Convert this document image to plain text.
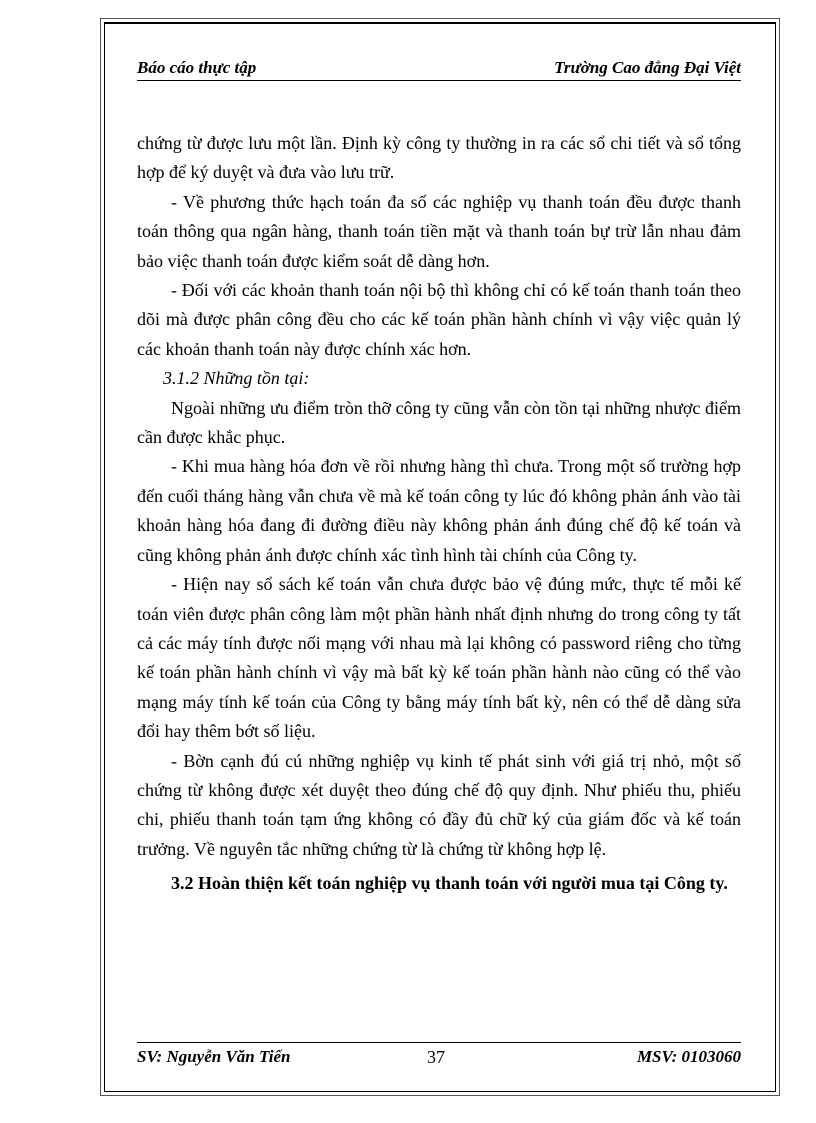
Báo cáo thực tập	Trường Cao đẳng Đại Việt

chứng từ được lưu một lần. Định kỳ công ty thường in ra các sổ chi tiết và sổ tổng hợp để ký duyệt và đưa vào lưu trữ.

- Về phương thức hạch toán đa số các nghiệp vụ thanh toán đều được thanh toán thông qua ngân hàng, thanh toán tiền mặt và thanh toán bự trừ lẫn nhau đảm bảo việc thanh toán được kiểm soát dễ dàng hơn.

- Đối với các khoản thanh toán nội bộ thì không chỉ có kế toán thanh toán theo dõi mà được phân công đều cho các kế toán phần hành chính vì vậy việc quản lý các khoản thanh toán này được chính xác hơn.

3.1.2 Những tồn tại:

Ngoài những ưu điểm tròn thỡ công ty cũng vẫn còn tồn tại những nhược điểm cần được khắc phục.

- Khi mua hàng hóa đơn về rồi nhưng hàng thì chưa. Trong một số trường hợp đến cuối tháng hàng vẫn chưa về mà kế toán công ty lúc đó không phản ánh vào tài khoản hàng hóa đang đi đường điều này không phản ánh đúng chế độ kế toán và cũng không phản ánh được chính xác tình hình tài chính của Công ty.

- Hiện nay sổ sách kế toán vẫn chưa được bảo vệ đúng mức, thực tế mỗi kế toán viên được phân công làm một phần hành nhất định nhưng do trong công ty tất cả các máy tính được nối mạng với nhau mà lại không có password riêng cho từng kế toán phần hành chính vì vậy mà bất kỳ kế toán phần hành nào cũng có thể vào mạng máy tính kế toán của Công ty bằng máy tính bất kỳ, nên có thể dễ dàng sửa đổi hay thêm bớt số liệu.

- Bờn cạnh đú cú những nghiệp vụ kinh tế phát sinh với giá trị nhỏ, một số chứng từ không được xét duyệt theo đúng chế độ quy định. Như phiếu thu, phiếu chi, phiếu thanh toán tạm ứng không có đầy đủ chữ ký của giám đốc và kế toán trưởng. Về nguyên tắc những chứng từ là chứng từ không hợp lệ.

3.2 Hoàn thiện kết toán nghiệp vụ thanh toán với người mua tại Công ty.

SV: Nguyễn Văn Tiến	37	MSV: 0103060
